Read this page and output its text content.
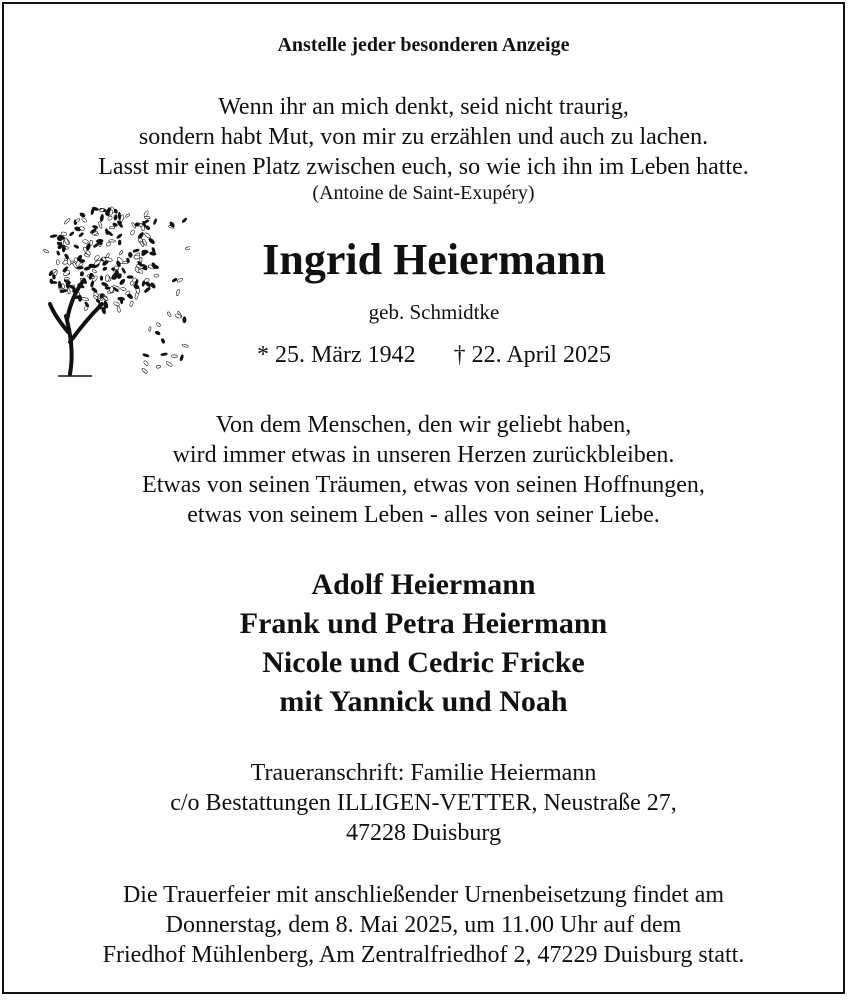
Anstelle jeder besonderen Anzeige
Wenn ihr an mich denkt, seid nicht traurig,
sondern habt Mut, von mir zu erzählen und auch zu lachen.
Lasst mir einen Platz zwischen euch, so wie ich ihn im Leben hatte.
(Antoine de Saint-Exupéry)
Ingrid Heiermann
geb. Schmidtke
* 25. März 1942 † 22. April 2025
Von dem Menschen, den wir geliebt haben,
wird immer etwas in unseren Herzen zurückbleiben.
Etwas von seinen Träumen, etwas von seinen Hoffnungen,
etwas von seinem Leben - alles von seiner Liebe.
Adolf Heiermann
Frank und Petra Heiermann
Nicole und Cedric Fricke
mit Yannick und Noah
Traueranschrift: Familie Heiermann
c/o Bestattungen ILLIGEN-VETTER, Neustraße 27,
47228 Duisburg
Die Trauerfeier mit anschließender Urnenbeisetzung findet am
Donnerstag, dem 8. Mai 2025, um 11.00 Uhr auf dem
Friedhof Mühlenberg, Am Zentralfriedhof 2, 47229 Duisburg statt.
